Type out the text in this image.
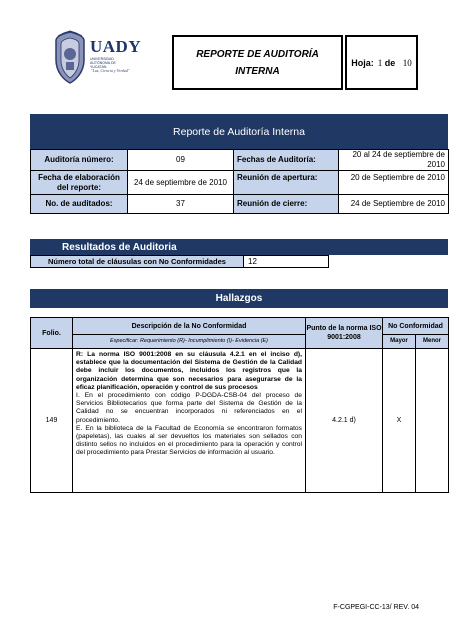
UADY
UNIVERSIDAD AUTÓNOMA DE YUCATÁN
"Luz, Ciencia y Verdad"
REPORTE DE AUDITORÍA
INTERNA
Hoja: 1
de
10
Reporte de Auditoría Interna
Auditoría número:	09	Fechas de Auditoría:	20 al 24 de septiembre de 2010
Fecha de elaboración del reporte:	24 de septiembre de 2010	Reunión de apertura:	20 de Septiembre de 2010
No. de auditados:	37	Reunión de cierre:	24 de Septiembre de 2010
Resultados de Auditoria
Número total de cláusulas con No Conformidades	12
Hallazgos
Folio.	Descripción de la No Conformidad	Punto de la norma ISO 9001:2008	No Conformidad	
	Especificar: Requerimiento (R)- Incumplimiento (I)- Evidencia (E)		Mayor	Menor
149	R: La norma ISO 9001:2008 en su cláusula 4.2.1 en el inciso d), establece que la documentación del Sistema de Gestión de la Calidad debe incluir los documentos, incluidos los registros que la organización determina que son necesarios para asegurarse de la eficaz planificación, operación y control de sus procesos

I. En el procedimiento con código P-DGDA-CSB-04 del proceso de Servicios Bibliotecarios que forma parte del Sistema de Gestión de la Calidad no se encuentran incorporados ni referenciados en el procedimiento.

E. En la biblioteca de la Facultad de Economía se encontraron formatos (papeletas), las cuales al ser devueltos los materiales son sellados con distinto sellos no incluidos en el procedimiento para la operación y control del procedimiento para Prestar Servicios de información al usuario.	4.2.1 d)	X	
F-CGPEGI-CC-13/ REV. 04
